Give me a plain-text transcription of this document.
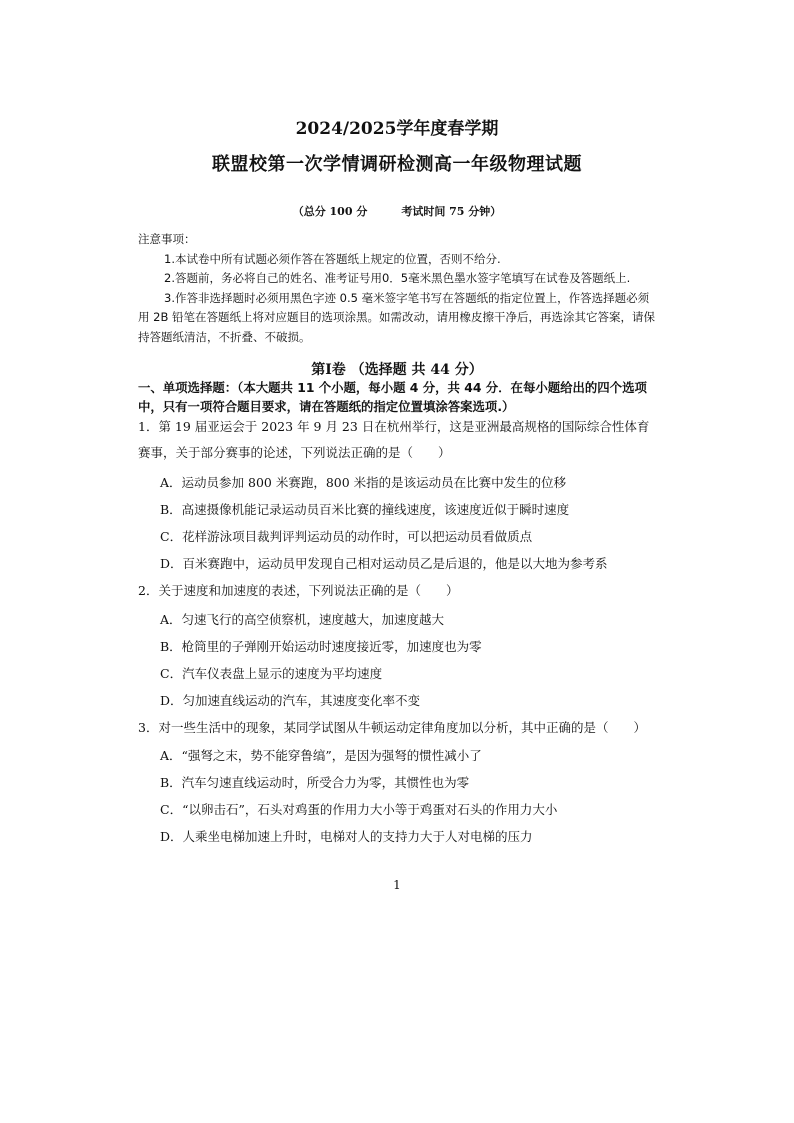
2024/2025学年度春学期
联盟校第一次学情调研检测高一年级物理试题
（总分 100 分	考试时间 75 分钟）

注意事项：

1.本试卷中所有试题必须作答在答题纸上规定的位置，否则不给分.

2.答题前，务必将自己的姓名、准考证号用0．5毫米黑色墨水签字笔填写在试卷及答题纸上.

3.作答非选择题时必须用黑色字迹 0.5 毫米签字笔书写在答题纸的指定位置上，作答选择题必须用 2B 铅笔在答题纸上将对应题目的选项涂黑。如需改动，请用橡皮擦干净后，再选涂其它答案，请保持答题纸清洁，不折叠、不破损。

第Ⅰ卷 （选择题 共 44 分）
一、单项选择题：（本大题共 11 个小题，每小题 4 分，共 44 分．在每小题给出的四个选项中，只有一项符合题目要求，请在答题纸的指定位置填涂答案选项.）
1．第 19 届亚运会于 2023 年 9 月 23 日在杭州举行，这是亚洲最高规格的国际综合性体育赛事，关于部分赛事的论述，下列说法正确的是（　　）
A．运动员参加 800 米赛跑，800 米指的是该运动员在比赛中发生的位移
B．高速摄像机能记录运动员百米比赛的撞线速度，该速度近似于瞬时速度
C．花样游泳项目裁判评判运动员的动作时，可以把运动员看做质点
D．百米赛跑中，运动员甲发现自己相对运动员乙是后退的，他是以大地为参考系
2．关于速度和加速度的表述，下列说法正确的是（　　）
A．匀速飞行的高空侦察机，速度越大，加速度越大
B．枪筒里的子弹刚开始运动时速度接近零，加速度也为零
C．汽车仪表盘上显示的速度为平均速度
D．匀加速直线运动的汽车，其速度变化率不变
3．对一些生活中的现象，某同学试图从牛顿运动定律角度加以分析，其中正确的是（　　）
A．“强弩之末，势不能穿鲁缟”，是因为强弩的惯性减小了
B．汽车匀速直线运动时，所受合力为零，其惯性也为零
C．“以卵击石”，石头对鸡蛋的作用力大小等于鸡蛋对石头的作用力大小
D．人乘坐电梯加速上升时，电梯对人的支持力大于人对电梯的压力
1
